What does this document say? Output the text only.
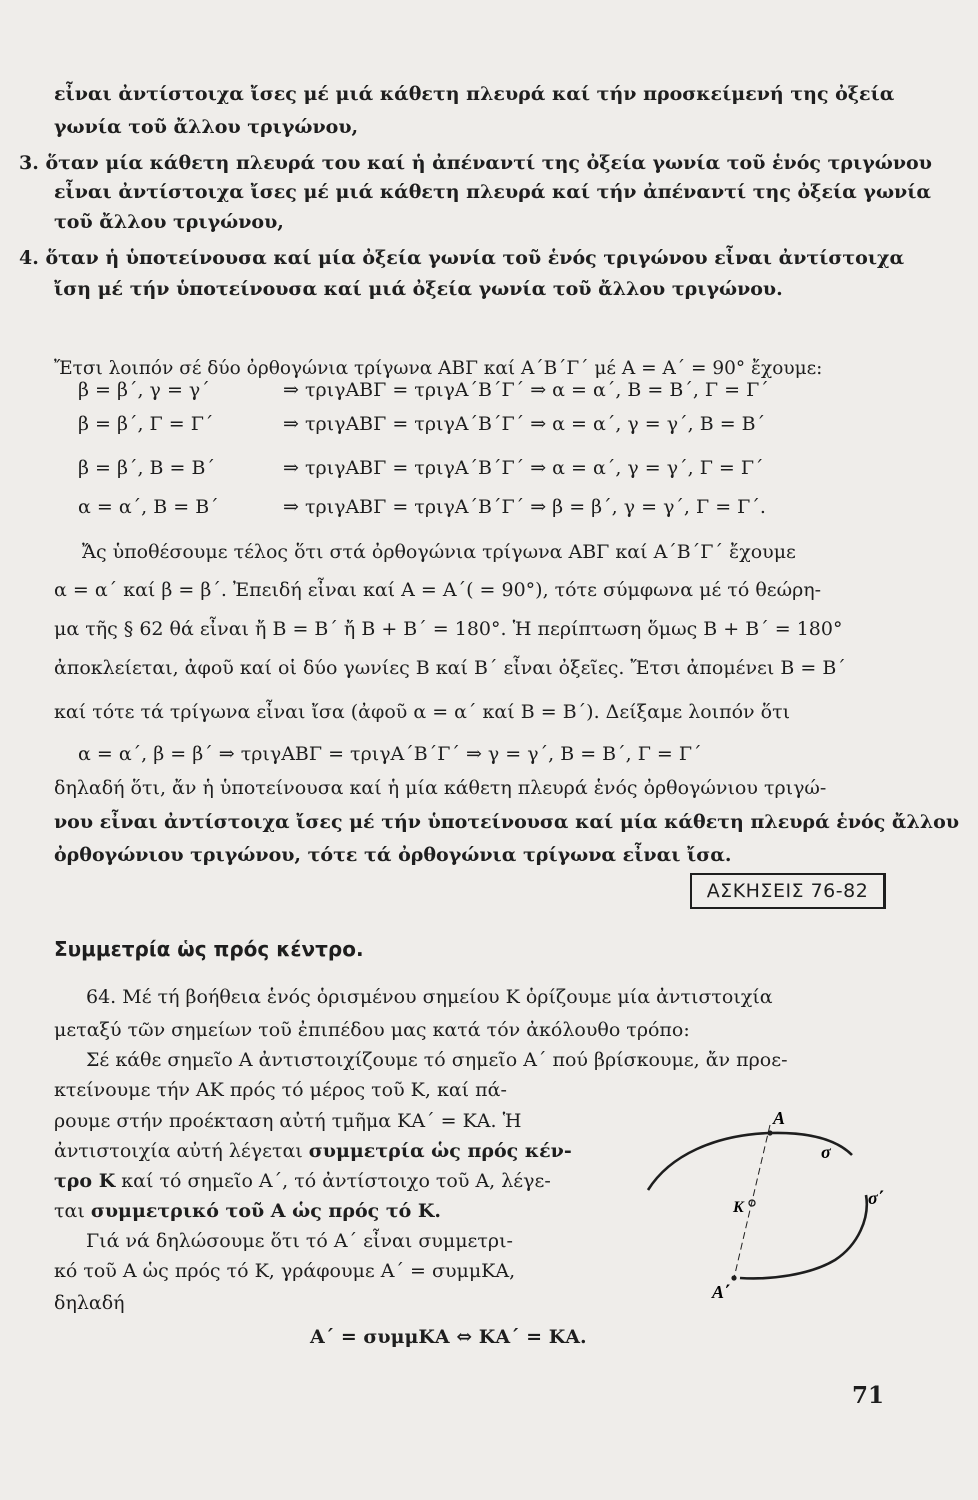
εἶναι ἀντίστοιχα ἴσες μέ μιά κάθετη πλευρά καί τήν προσκείμενή της ὀξεία
γωνία τοῦ ἄλλου τριγώνου,
3. ὅταν μία κάθετη πλευρά του καί ἡ ἀπέναντί της ὀξεία γωνία τοῦ ἑνός τριγώνου
εἶναι ἀντίστοιχα ἴσες μέ μιά κάθετη πλευρά καί τήν ἀπέναντί της ὀξεία γωνία
τοῦ ἄλλου τριγώνου,
4. ὅταν ἡ ὑποτείνουσα καί μία ὀξεία γωνία τοῦ ἑνός τριγώνου εἶναι ἀντίστοιχα
ἴση μέ τήν ὑποτείνουσα καί μιά ὀξεία γωνία τοῦ ἄλλου τριγώνου.
Ἔτσι λοιπόν σέ δύο ὀρθογώνια τρίγωνα ΑΒΓ καί Α΄Β΄Γ΄ μέ Α = Α΄ = 90° ἔχουμε:
β = β΄, γ = γ΄	⇒ τριγΑΒΓ = τριγΑ΄Β΄Γ΄ ⇒ α = α΄, Β = Β΄, Γ = Γ΄
β = β΄, Γ = Γ΄	⇒ τριγΑΒΓ = τριγΑ΄Β΄Γ΄ ⇒ α = α΄, γ = γ΄, Β = Β΄
β = β΄, Β = Β΄	⇒ τριγΑΒΓ = τριγΑ΄Β΄Γ΄ ⇒ α = α΄, γ = γ΄, Γ = Γ΄
α = α΄, Β = Β΄	⇒ τριγΑΒΓ = τριγΑ΄Β΄Γ΄ ⇒ β = β΄, γ = γ΄, Γ = Γ΄.
Ἄς ὑποθέσουμε τέλος ὅτι στά ὀρθογώνια τρίγωνα ΑΒΓ καί Α΄Β΄Γ΄ ἔχουμε
α = α΄ καί β = β΄. Ἐπειδή εἶναι καί Α = Α΄( = 90°), τότε σύμφωνα μέ τό θεώρη-
μα τῆς § 62 θά εἶναι ἤ Β = Β΄ ἤ Β + Β΄ = 180°. Ἡ περίπτωση ὅμως Β + Β΄ = 180°
ἀποκλείεται, ἀφοῦ καί οἱ δύο γωνίες Β καί Β΄ εἶναι ὀξεῖες. Ἔτσι ἀπομένει Β = Β΄
καί τότε τά τρίγωνα εἶναι ἴσα (ἀφοῦ α = α΄ καί Β = Β΄). Δείξαμε λοιπόν ὅτι
α = α΄, β = β΄ ⇒ τριγΑΒΓ = τριγΑ΄Β΄Γ΄ ⇒ γ = γ΄, Β = Β΄, Γ = Γ΄
δηλαδή ὅτι, ἄν ἡ ὑποτείνουσα καί ἡ μία κάθετη πλευρά ἑνός ὀρθογώνιου τριγώ-
νου εἶναι ἀντίστοιχα ἴσες μέ τήν ὑποτείνουσα καί μία κάθετη πλευρά ἑνός ἄλλου
ὀρθογώνιου τριγώνου, τότε τά ὀρθογώνια τρίγωνα εἶναι ἴσα.
ΑΣΚΗΣΕΙΣ 76-82
Συμμετρία ὡς πρός κέντρο.
64. Μέ τή βοήθεια ἑνός ὁρισμένου σημείου Κ ὁρίζουμε μία ἀντιστοιχία
μεταξύ τῶν σημείων τοῦ ἐπιπέδου μας κατά τόν ἀκόλουθο τρόπο:
Σέ κάθε σημεῖο Α ἀντιστοιχίζουμε τό σημεῖο Α΄ πού βρίσκουμε, ἄν προε-
κτείνουμε τήν ΑΚ πρός τό μέρος τοῦ Κ, καί πά-
ρουμε στήν προέκταση αὐτή τμῆμα ΚΑ΄ = ΚΑ. Ἡ
ἀντιστοιχία αὐτή λέγεται συμμετρία ὡς πρός κέν-
τρο Κ καί τό σημεῖο Α΄, τό ἀντίστοιχο τοῦ Α, λέγε-
ται συμμετρικό τοῦ Α ὡς πρός τό Κ.
Γιά νά δηλώσουμε ὅτι τό Α΄ εἶναι συμμετρι-
κό τοῦ Α ὡς πρός τό Κ, γράφουμε Α΄ = συμμΚΑ,
δηλαδή
Α΄ = συμμΚΑ ⇔ ΚΑ΄ = ΚΑ.
Α
σ
Κ	σ΄
Α΄
71
